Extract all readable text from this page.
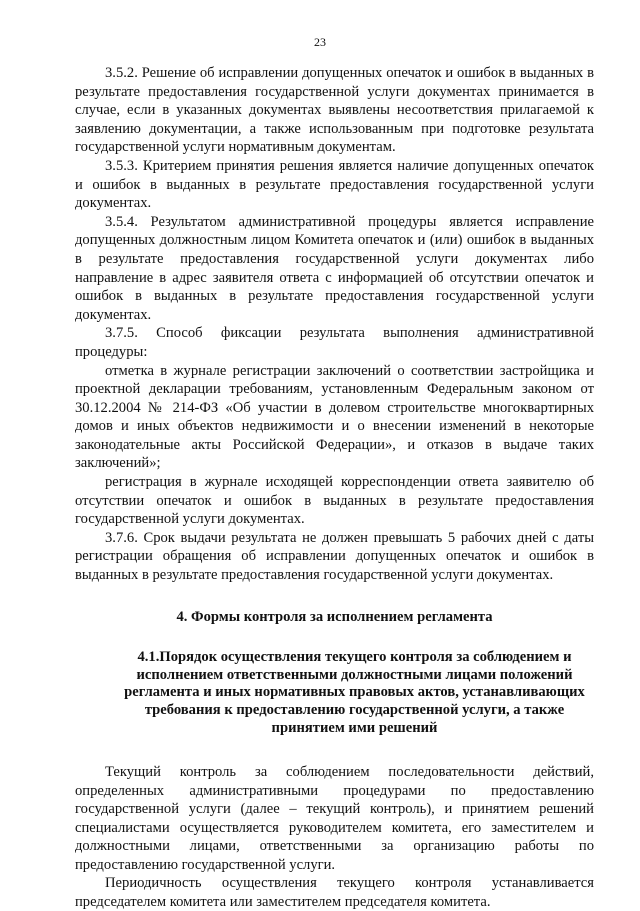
23

3.5.2. Решение об исправлении допущенных опечаток и ошибок в выданных в результате предоставления государственной услуги документах принимается в случае, если в указанных документах выявлены несоответствия прилагаемой к заявлению документации, а также использованным при подготовке результата государственной услуги нормативным документам.

3.5.3. Критерием принятия решения является наличие допущенных опечаток и ошибок в выданных в результате предоставления государственной услуги документах.

3.5.4. Результатом административной процедуры является исправление допущенных должностным лицом Комитета опечаток и (или) ошибок в выданных в результате предоставления государственной услуги документах либо направление в адрес заявителя ответа с информацией об отсутствии опечаток и ошибок в выданных в результате предоставления государственной услуги документах.

3.7.5. Способ фиксации результата выполнения административной процедуры:

отметка в журнале регистрации заключений о соответствии застройщика и проектной декларации требованиям, установленным Федеральным законом от 30.12.2004 № 214-ФЗ «Об участии в долевом строительстве многоквартирных домов и иных объектов недвижимости и о внесении изменений в некоторые законодательные акты Российской Федерации», и отказов в выдаче таких заключений»;

регистрация в журнале исходящей корреспонденции ответа заявителю об отсутствии опечаток и ошибок в выданных в результате предоставления государственной услуги документах.

3.7.6. Срок выдачи результата не должен превышать 5 рабочих дней с даты регистрации обращения об исправлении допущенных опечаток и ошибок в выданных в результате предоставления государственной услуги документах.

4. Формы контроля за исполнением регламента
4.1.Порядок осуществления текущего контроля за соблюдением и исполнением ответственными должностными лицами положений регламента и иных нормативных правовых актов, устанавливающих требования к предоставлению государственной услуги, а также принятием ими решений

Текущий контроль за соблюдением последовательности действий, определенных административными процедурами по предоставлению государственной услуги (далее – текущий контроль), и принятием решений специалистами осуществляется руководителем комитета, его заместителем и должностными лицами, ответственными за организацию работы по предоставлению государственной услуги.

Периодичность осуществления текущего контроля устанавливается председателем комитета или заместителем председателя комитета.
